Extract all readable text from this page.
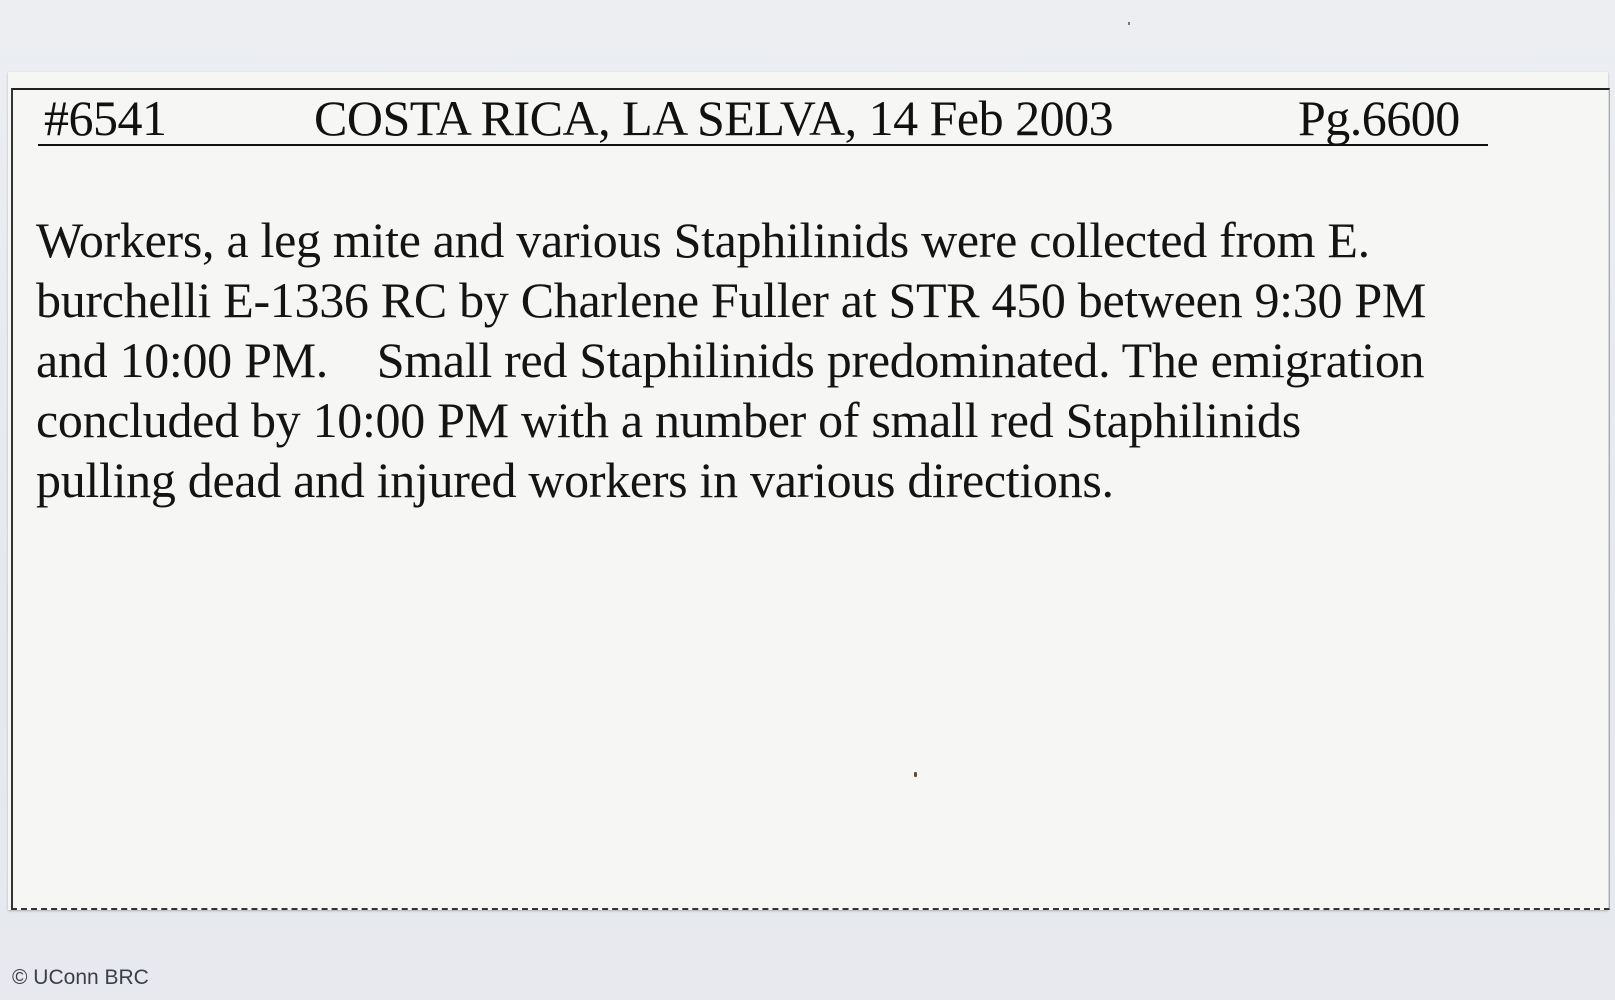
#6541	COSTA RICA, LA SELVA, 14 Feb 2003	Pg.6600
Workers, a leg mite and various Staphilinids were collected from E.
burchelli E-1336 RC by Charlene Fuller at STR 450 between 9:30 PM
and 10:00 PM.    Small red Staphilinids predominated. The emigration
concluded by 10:00 PM with a number of small red Staphilinids
pulling dead and injured workers in various directions.
© UConn BRC
